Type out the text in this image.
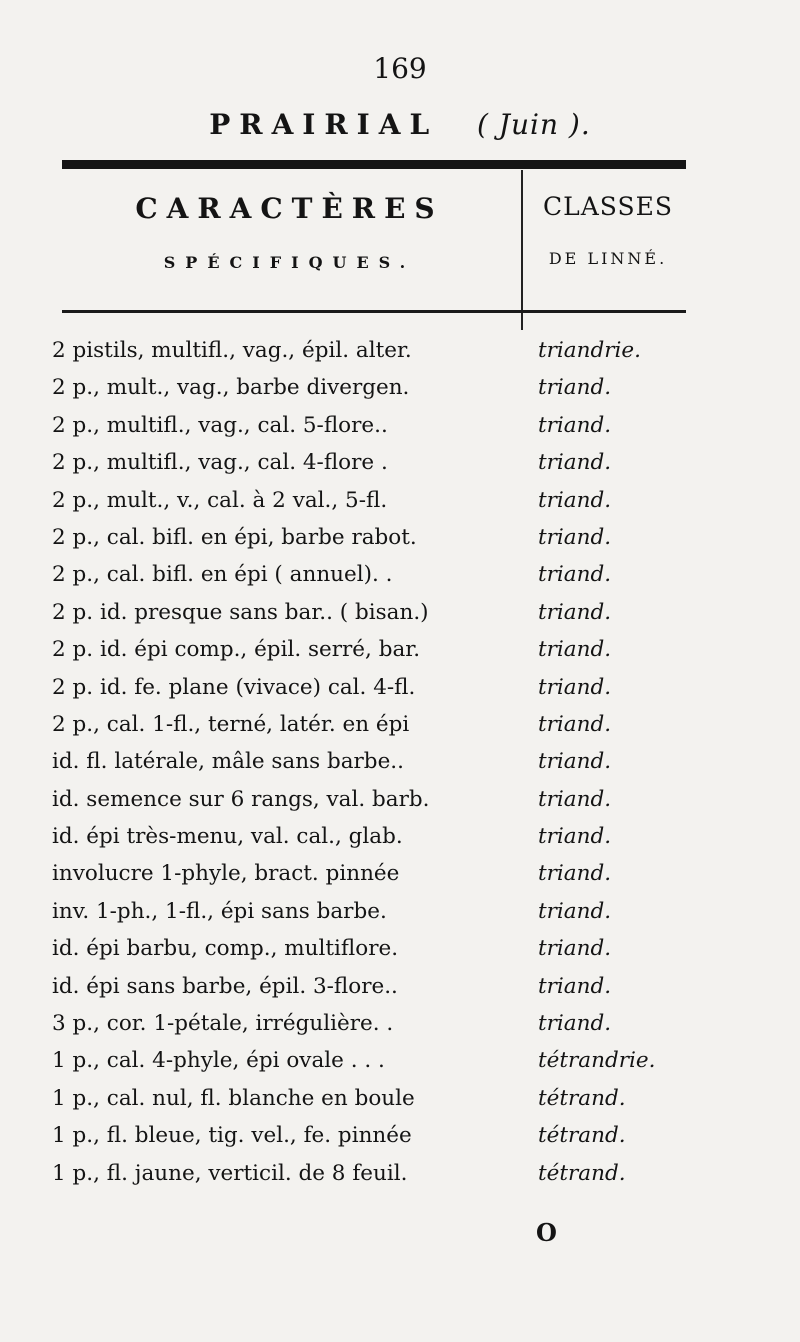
169
PRAIRIAL ( Juin ).
CARACTÈRES
SPÉCIFIQUES.
CLASSES
DE LINNÉ.
2 pistils, multifl., vag., épil. alter.	triandrie.
2 p., mult., vag., barbe divergen.	triand.
2 p., multifl., vag., cal. 5-flore..	triand.
2 p., multifl., vag., cal. 4-flore .	triand.
2 p., mult., v., cal. à 2 val., 5-fl.	triand.
2 p., cal. bifl. en épi, barbe rabot.	triand.
2 p., cal. bifl. en épi ( annuel). .	triand.
2 p. id. presque sans bar.. ( bisan.)	triand.
2 p. id. épi comp., épil. serré, bar.	triand.
2 p. id. fe. plane (vivace) cal. 4-fl.	triand.
2 p., cal. 1-fl., terné, latér. en épi	triand.
id. fl. latérale, mâle sans barbe..	triand.
id. semence sur 6 rangs, val. barb.	triand.
id. épi très-menu, val. cal., glab.	triand.
involucre 1-phyle, bract. pinnée	triand.
inv. 1-ph., 1-fl., épi sans barbe.	triand.
id. épi barbu, comp., multiflore.	triand.
id. épi sans barbe, épil. 3-flore..	triand.
3 p., cor. 1-pétale, irrégulière. .	triand.
1 p., cal. 4-phyle, épi ovale . . .	tétrandrie.
1 p., cal. nul, fl. blanche en boule	tétrand.
1 p., fl. bleue, tig. vel., fe. pinnée	tétrand.
1 p., fl. jaune, verticil. de 8 feuil.	tétrand.
O
